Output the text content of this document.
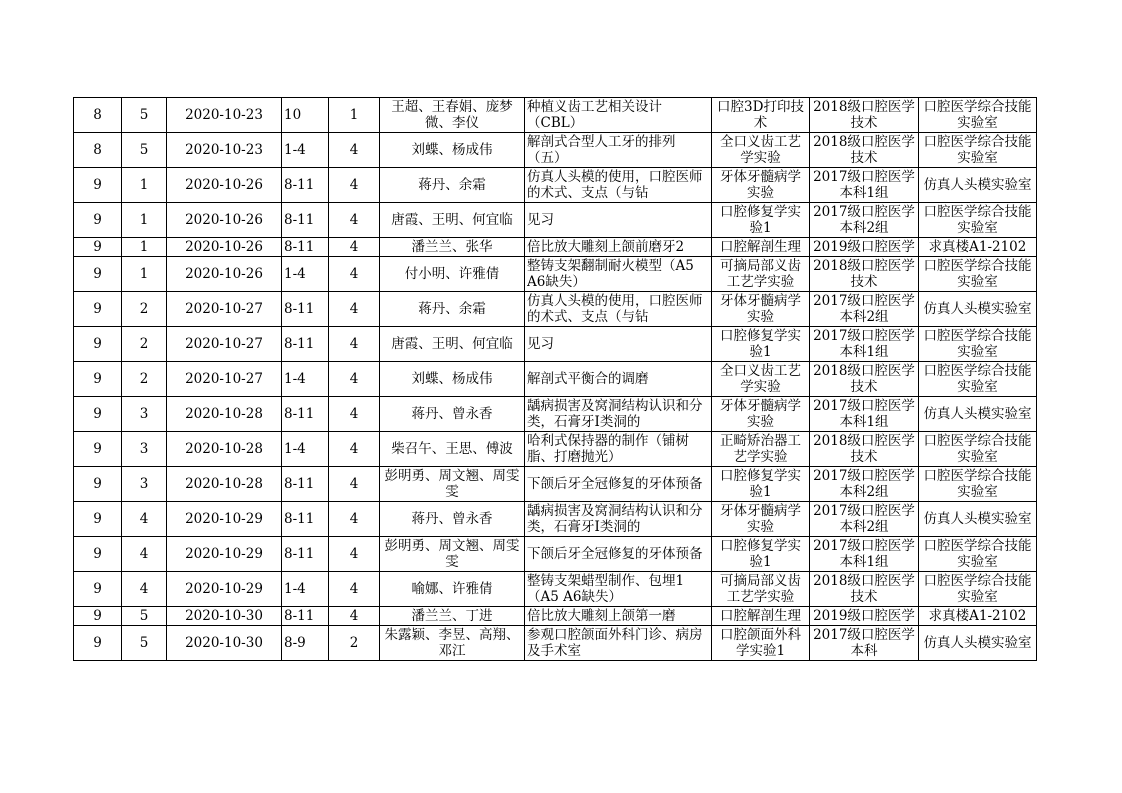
8	5	2020-10-23	10	1	王超、王春娟、庞梦微、李仪	种植义齿工艺相关设计（CBL）	口腔3D打印技术	2018级口腔医学技术	口腔医学综合技能实验室

8	5	2020-10-23	1-4	4	刘蝶、杨成伟	解剖式合型人工牙的排列（五）	全口义齿工艺学实验	2018级口腔医学技术	口腔医学综合技能实验室

9	1	2020-10-26	8-11	4	蒋丹、余霜	仿真人头模的使用，口腔医师的术式、支点（与钻	牙体牙髓病学实验	2017级口腔医学本科1组	仿真人头模实验室

9	1	2020-10-26	8-11	4	唐霞、王明、何宜临	见习	口腔修复学实验1	2017级口腔医学本科2组	口腔医学综合技能实验室

9	1	2020-10-26	8-11	4	潘兰兰、张华	倍比放大雕刻上颌前磨牙2	口腔解剖生理	2019级口腔医学	求真楼A1-2102

9	1	2020-10-26	1-4	4	付小明、许雅倩	整铸支架翻制耐火模型（A5 A6缺失）	可摘局部义齿工艺学实验	2018级口腔医学技术	口腔医学综合技能实验室

9	2	2020-10-27	8-11	4	蒋丹、余霜	仿真人头模的使用，口腔医师的术式、支点（与钻	牙体牙髓病学实验	2017级口腔医学本科2组	仿真人头模实验室

9	2	2020-10-27	8-11	4	唐霞、王明、何宜临	见习	口腔修复学实验1	2017级口腔医学本科1组	口腔医学综合技能实验室

9	2	2020-10-27	1-4	4	刘蝶、杨成伟	解剖式平衡合的调磨	全口义齿工艺学实验	2018级口腔医学技术	口腔医学综合技能实验室

9	3	2020-10-28	8-11	4	蒋丹、曾永香	龋病损害及窝洞结构认识和分类，石膏牙Ⅰ类洞的	牙体牙髓病学实验	2017级口腔医学本科1组	仿真人头模实验室

9	3	2020-10-28	1-4	4	柴召午、王思、傅波	哈利式保持器的制作（铺树脂、打磨抛光）	正畸矫治器工艺学实验	2018级口腔医学技术	口腔医学综合技能实验室

9	3	2020-10-28	8-11	4	彭明勇、周文翘、周雯雯	下颌后牙全冠修复的牙体预备	口腔修复学实验1	2017级口腔医学本科2组	口腔医学综合技能实验室

9	4	2020-10-29	8-11	4	蒋丹、曾永香	龋病损害及窝洞结构认识和分类，石膏牙Ⅰ类洞的	牙体牙髓病学实验	2017级口腔医学本科2组	仿真人头模实验室

9	4	2020-10-29	8-11	4	彭明勇、周文翘、周雯雯	下颌后牙全冠修复的牙体预备	口腔修复学实验1	2017级口腔医学本科1组	口腔医学综合技能实验室

9	4	2020-10-29	1-4	4	喻娜、许雅倩	整铸支架蜡型制作、包埋1（A5 A6缺失）	可摘局部义齿工艺学实验	2018级口腔医学技术	口腔医学综合技能实验室

9	5	2020-10-30	8-11	4	潘兰兰、丁进	倍比放大雕刻上颌第一磨	口腔解剖生理	2019级口腔医学	求真楼A1-2102

9	5	2020-10-30	8-9	2	朱露颖、李昱、高翔、邓江	参观口腔颌面外科门诊、病房及手术室	口腔颌面外科学实验1	2017级口腔医学本科	仿真人头模实验室
